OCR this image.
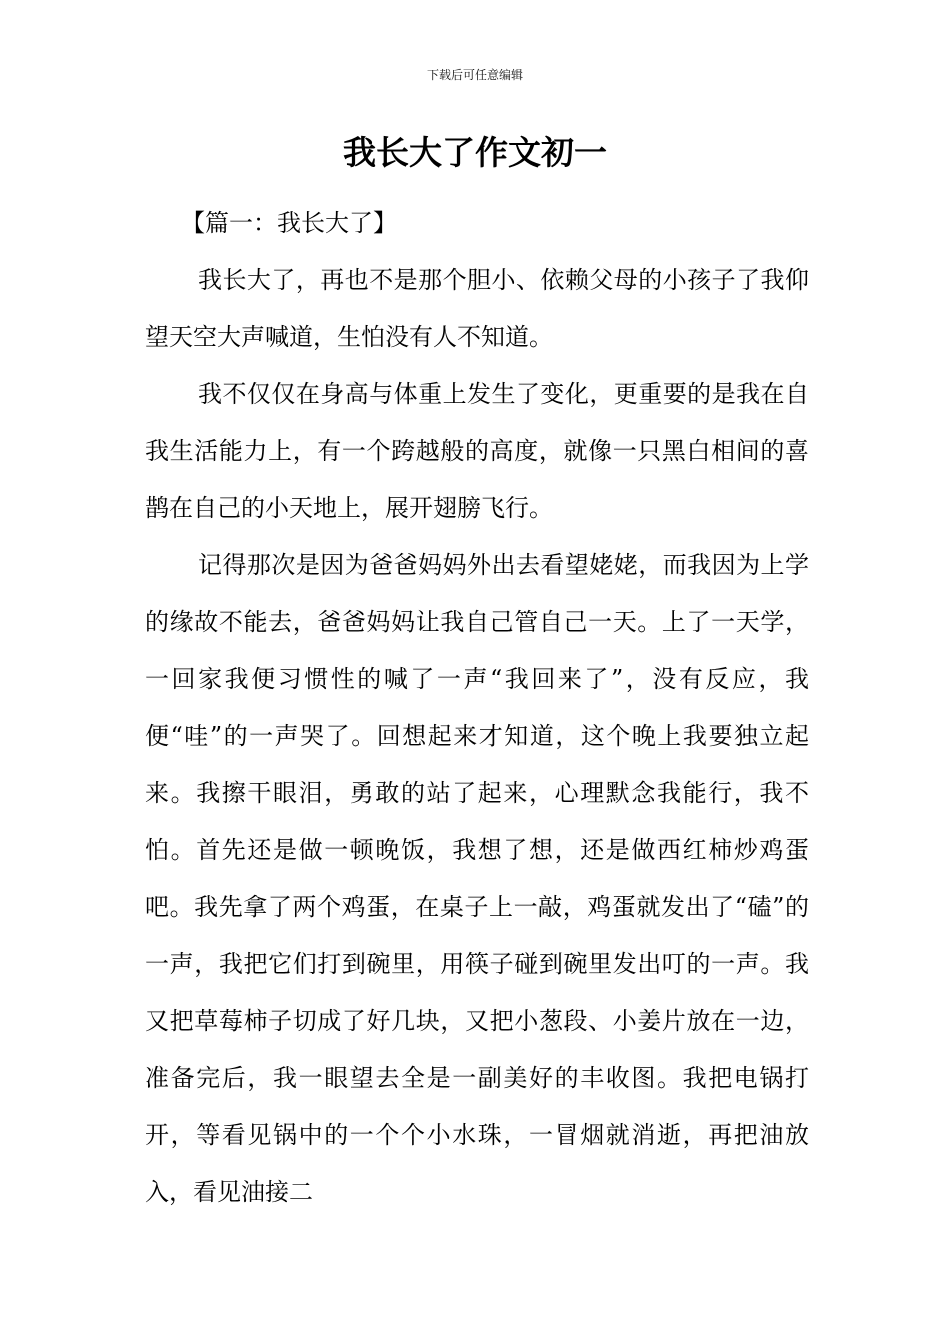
下载后可任意编辑
我长大了作文初一

【篇一：我长大了】

我长大了，再也不是那个胆小、依赖父母的小孩子了我仰望天空大声喊道，生怕没有人不知道。

我不仅仅在身高与体重上发生了变化，更重要的是我在自我生活能力上，有一个跨越般的高度，就像一只黑白相间的喜鹊在自己的小天地上，展开翅膀飞行。

记得那次是因为爸爸妈妈外出去看望姥姥，而我因为上学的缘故不能去，爸爸妈妈让我自己管自己一天。上了一天学，一回家我便习惯性的喊了一声“我回来了”，没有反应，我便“哇”的一声哭了。回想起来才知道，这个晚上我要独立起来。我擦干眼泪，勇敢的站了起来，心理默念我能行，我不怕。首先还是做一顿晚饭，我想了想，还是做西红柿炒鸡蛋吧。我先拿了两个鸡蛋，在桌子上一敲，鸡蛋就发出了“磕”的一声，我把它们打到碗里，用筷子碰到碗里发出叮的一声。我又把草莓柿子切成了好几块，又把小葱段、小姜片放在一边，准备完后，我一眼望去全是一副美好的丰收图。我把电锅打开，等看见锅中的一个个小水珠，一冒烟就消逝，再把油放入，看见油接二
